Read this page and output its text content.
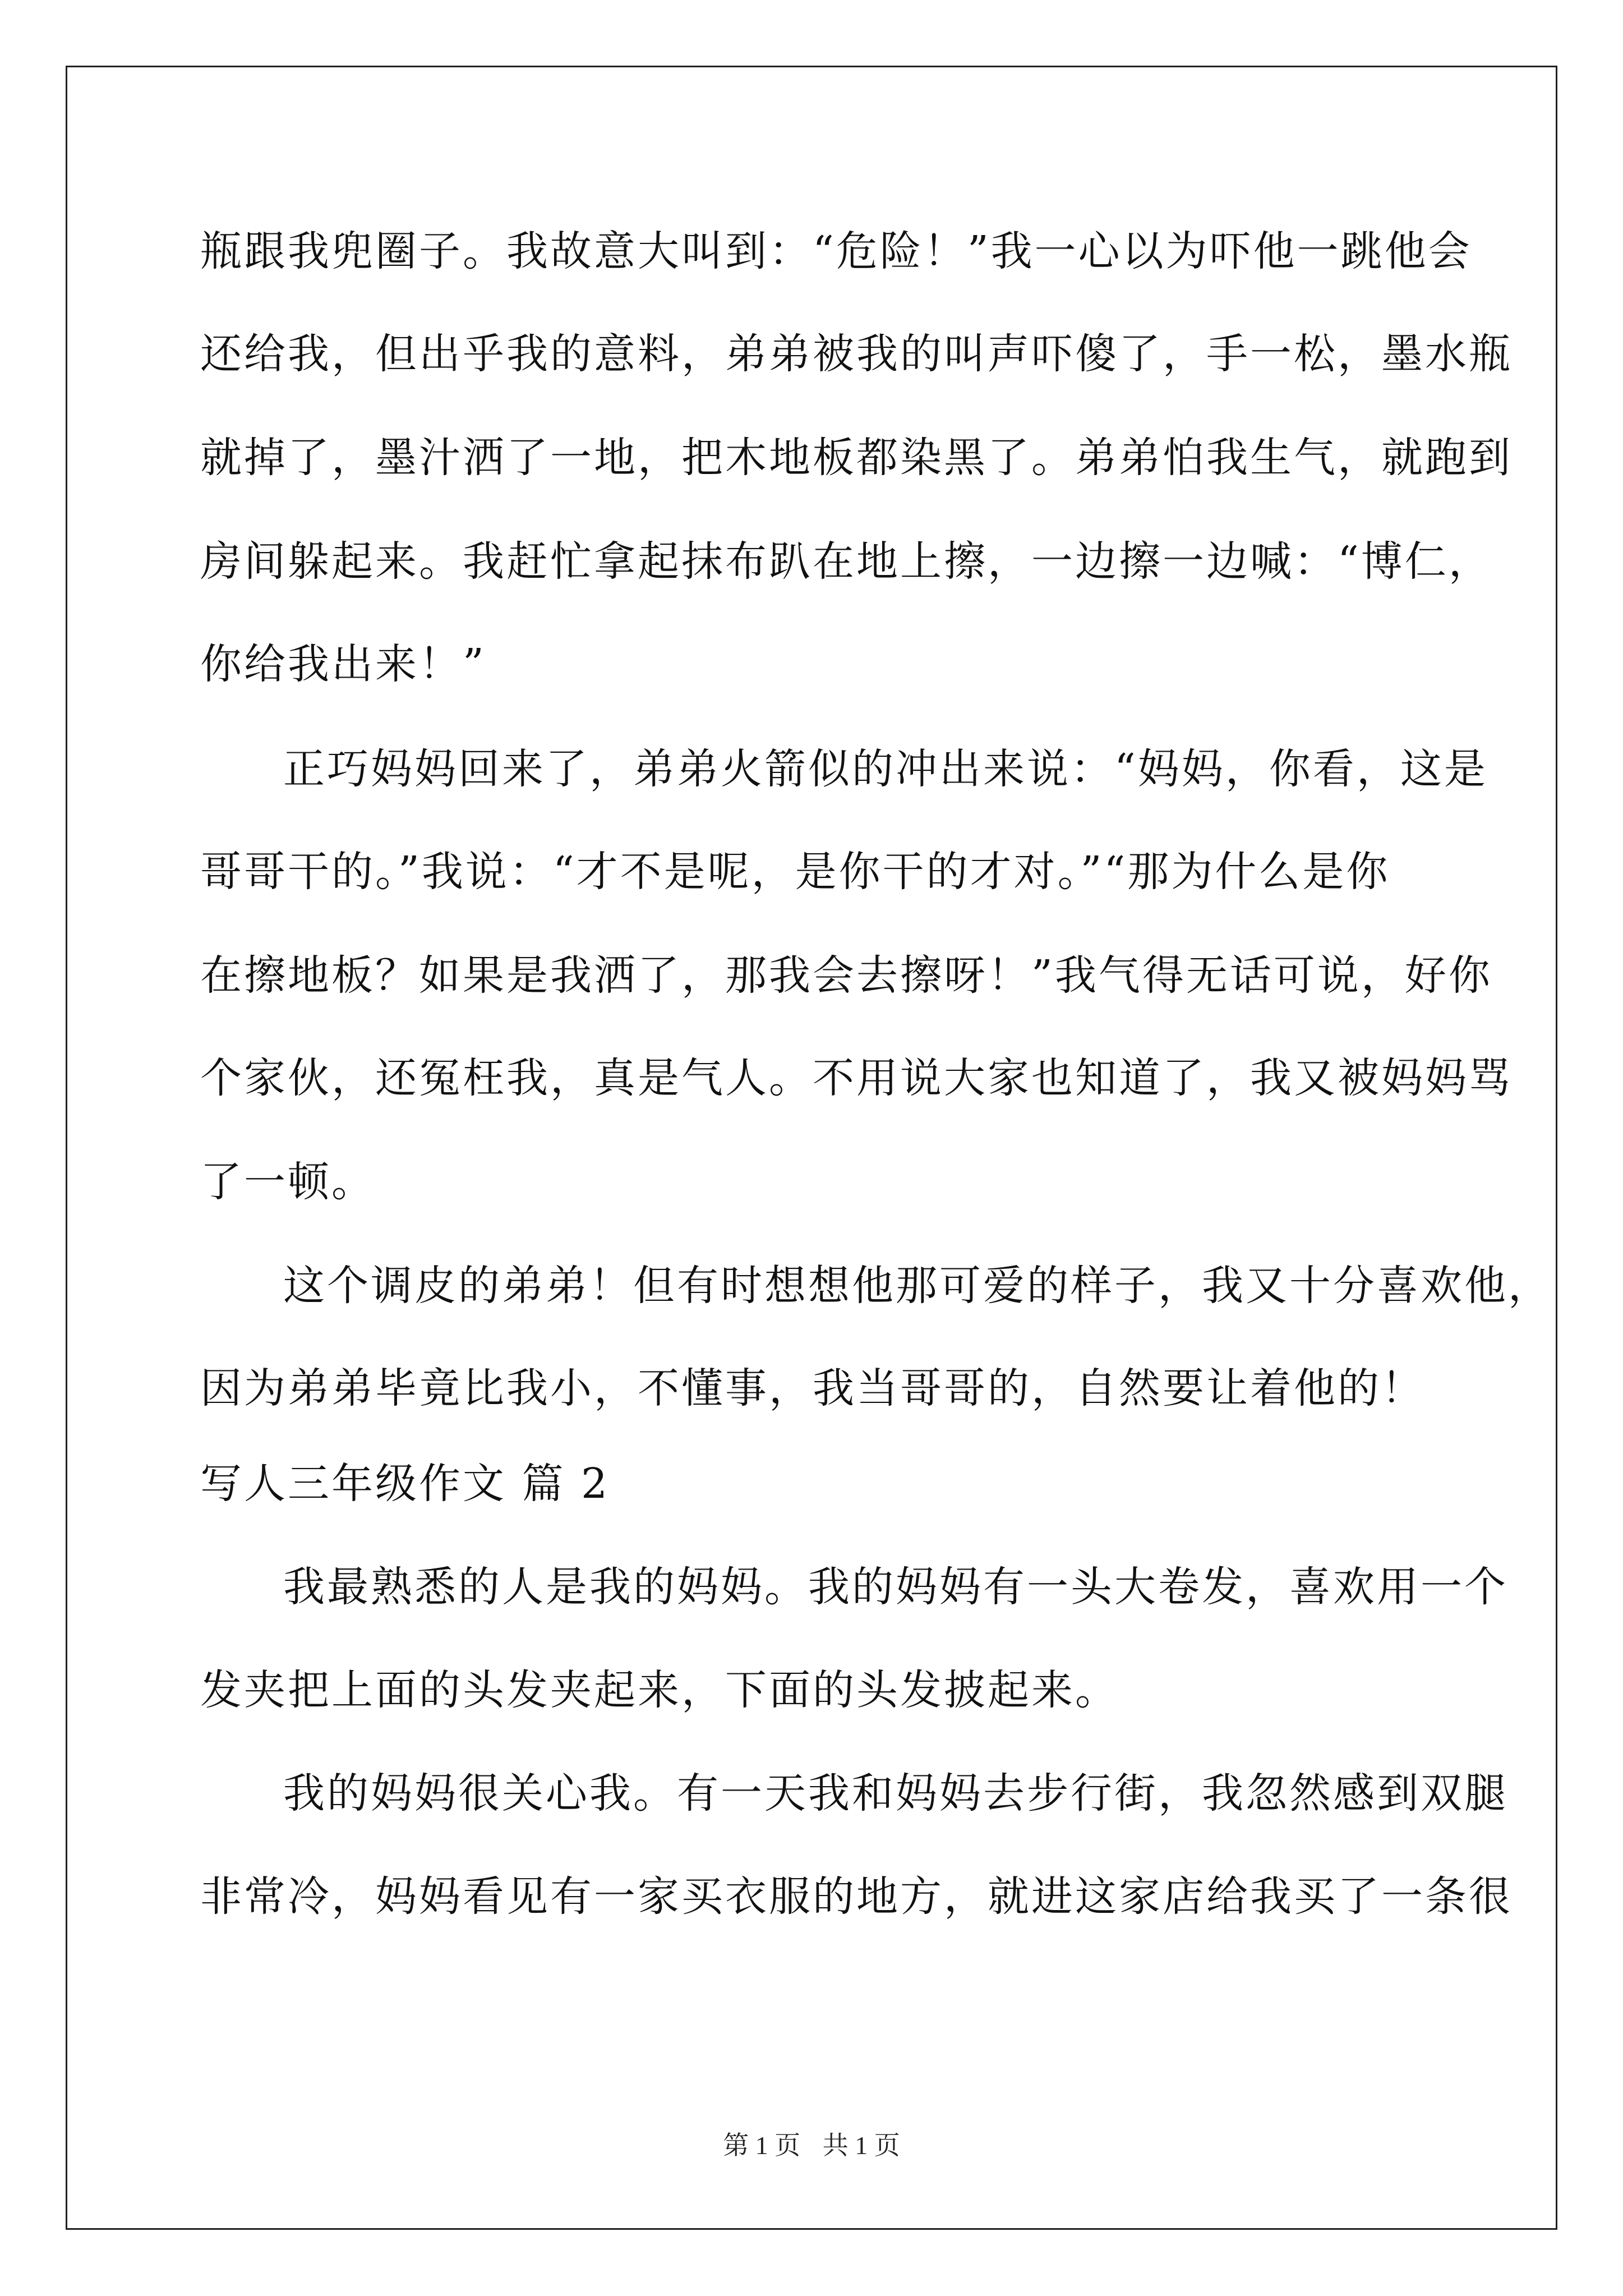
瓶跟我兜圈子。我故意大叫到：“危险！”我一心以为吓他一跳他会
还给我，但出乎我的意料，弟弟被我的叫声吓傻了，手一松，墨水瓶
就掉了，墨汁洒了一地，把木地板都染黑了。弟弟怕我生气，就跑到
房间躲起来。我赶忙拿起抹布趴在地上擦，一边擦一边喊：“博仁，
你给我出来！”
正巧妈妈回来了，弟弟火箭似的冲出来说：“妈妈，你看，这是
哥哥干的。”我说：“才不是呢，是你干的才对。”“那为什么是你
在擦地板？如果是我洒了，那我会去擦呀！”我气得无话可说，好你
个家伙，还冤枉我，真是气人。不用说大家也知道了，我又被妈妈骂
了一顿。
这个调皮的弟弟！但有时想想他那可爱的样子，我又十分喜欢他，
因为弟弟毕竟比我小，不懂事，我当哥哥的，自然要让着他的！
写人三年级作文 篇 2
我最熟悉的人是我的妈妈。我的妈妈有一头大卷发，喜欢用一个
发夹把上面的头发夹起来，下面的头发披起来。
我的妈妈很关心我。有一天我和妈妈去步行街，我忽然感到双腿
非常冷，妈妈看见有一家买衣服的地方，就进这家店给我买了一条很
第 1 页 共 1 页
